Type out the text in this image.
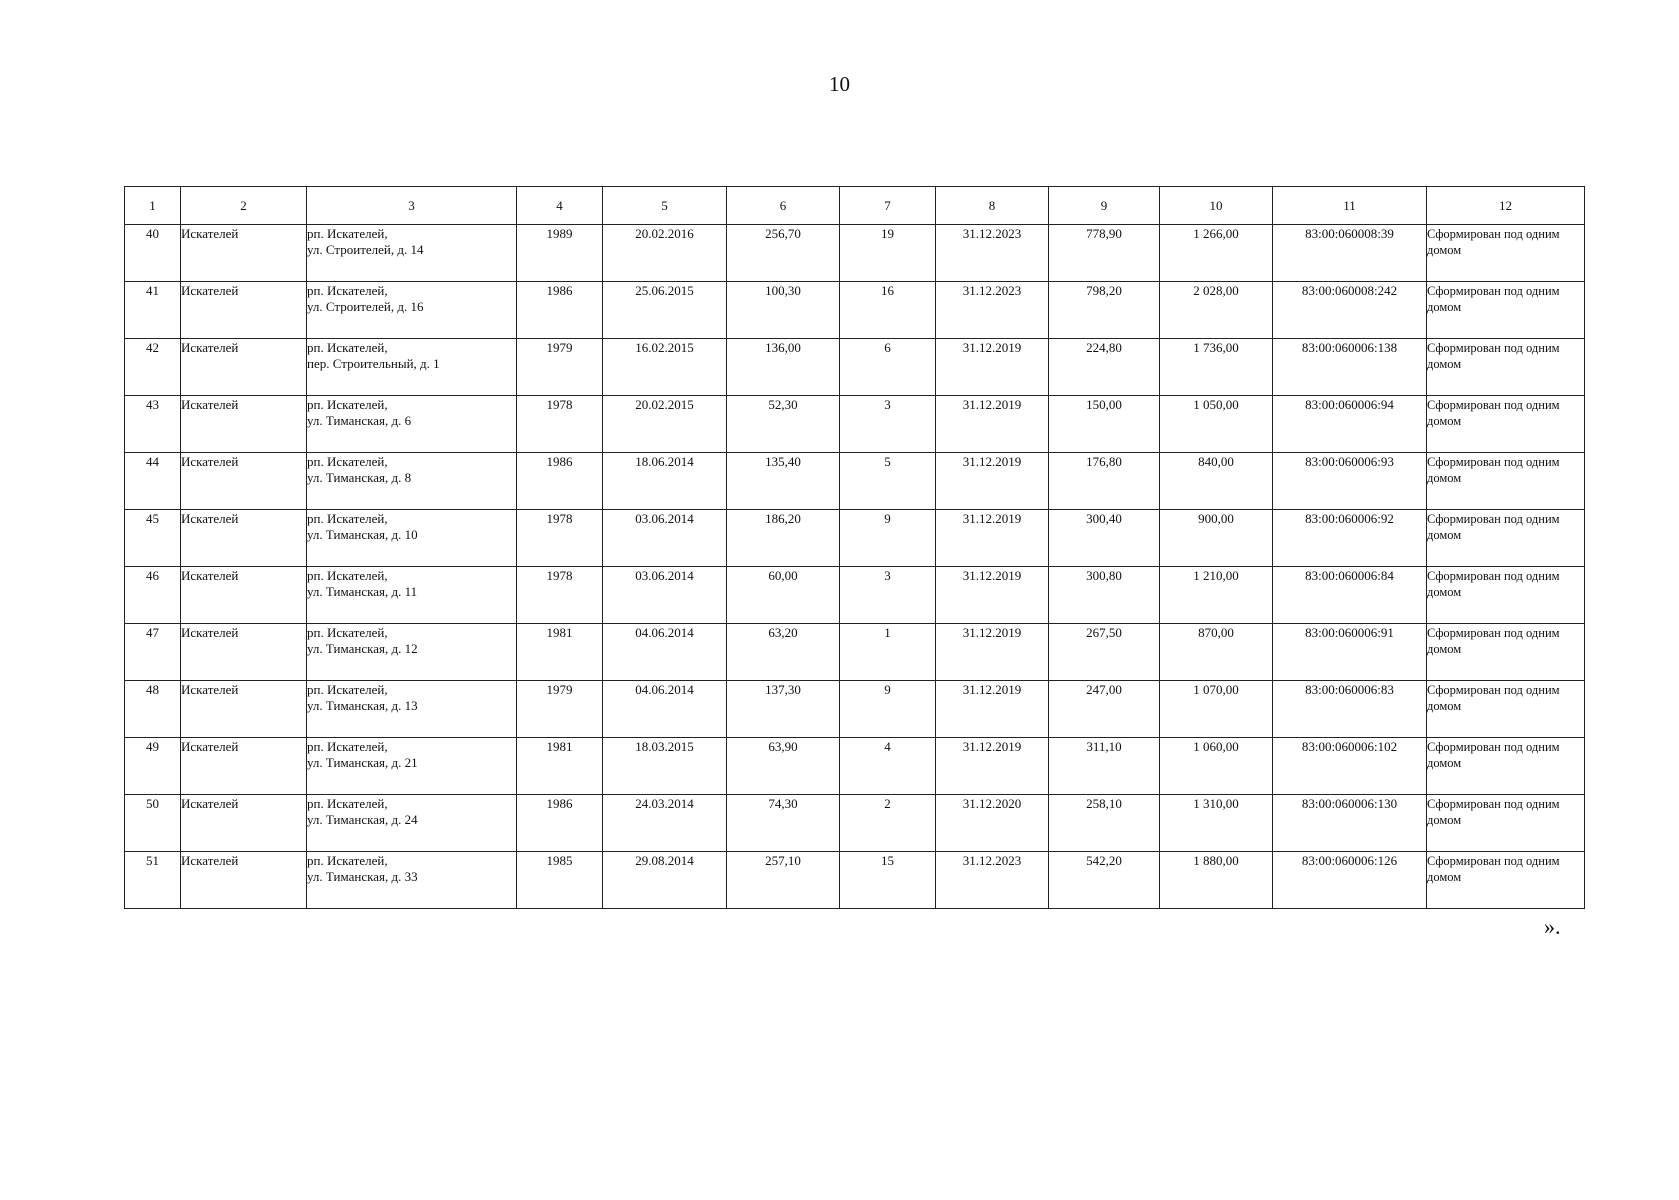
10
1	2	3	4	5	6	7	8	9	10	11	12

40	Искателей	рп. Искателей,
ул. Строителей, д. 14	1989	20.02.2016	256,70	19	31.12.2023	778,90	1 266,00	83:00:060008:39	Сформирован под одним домом

41	Искателей	рп. Искателей,
ул. Строителей, д. 16	1986	25.06.2015	100,30	16	31.12.2023	798,20	2 028,00	83:00:060008:242	Сформирован под одним домом

42	Искателей	рп. Искателей,
пер. Строительный, д. 1	1979	16.02.2015	136,00	6	31.12.2019	224,80	1 736,00	83:00:060006:138	Сформирован под одним домом

43	Искателей	рп. Искателей,
ул. Тиманская, д. 6	1978	20.02.2015	52,30	3	31.12.2019	150,00	1 050,00	83:00:060006:94	Сформирован под одним домом

44	Искателей	рп. Искателей,
ул. Тиманская, д. 8	1986	18.06.2014	135,40	5	31.12.2019	176,80	840,00	83:00:060006:93	Сформирован под одним домом

45	Искателей	рп. Искателей,
ул. Тиманская, д. 10	1978	03.06.2014	186,20	9	31.12.2019	300,40	900,00	83:00:060006:92	Сформирован под одним домом

46	Искателей	рп. Искателей,
ул. Тиманская, д. 11	1978	03.06.2014	60,00	3	31.12.2019	300,80	1 210,00	83:00:060006:84	Сформирован под одним домом

47	Искателей	рп. Искателей,
ул. Тиманская, д. 12	1981	04.06.2014	63,20	1	31.12.2019	267,50	870,00	83:00:060006:91	Сформирован под одним домом

48	Искателей	рп. Искателей,
ул. Тиманская, д. 13	1979	04.06.2014	137,30	9	31.12.2019	247,00	1 070,00	83:00:060006:83	Сформирован под одним домом

49	Искателей	рп. Искателей,
ул. Тиманская, д. 21	1981	18.03.2015	63,90	4	31.12.2019	311,10	1 060,00	83:00:060006:102	Сформирован под одним домом

50	Искателей	рп. Искателей,
ул. Тиманская, д. 24	1986	24.03.2014	74,30	2	31.12.2020	258,10	1 310,00	83:00:060006:130	Сформирован под одним домом

51	Искателей	рп. Искателей,
ул. Тиманская, д. 33	1985	29.08.2014	257,10	15	31.12.2023	542,20	1 880,00	83:00:060006:126	Сформирован под одним домом
».
